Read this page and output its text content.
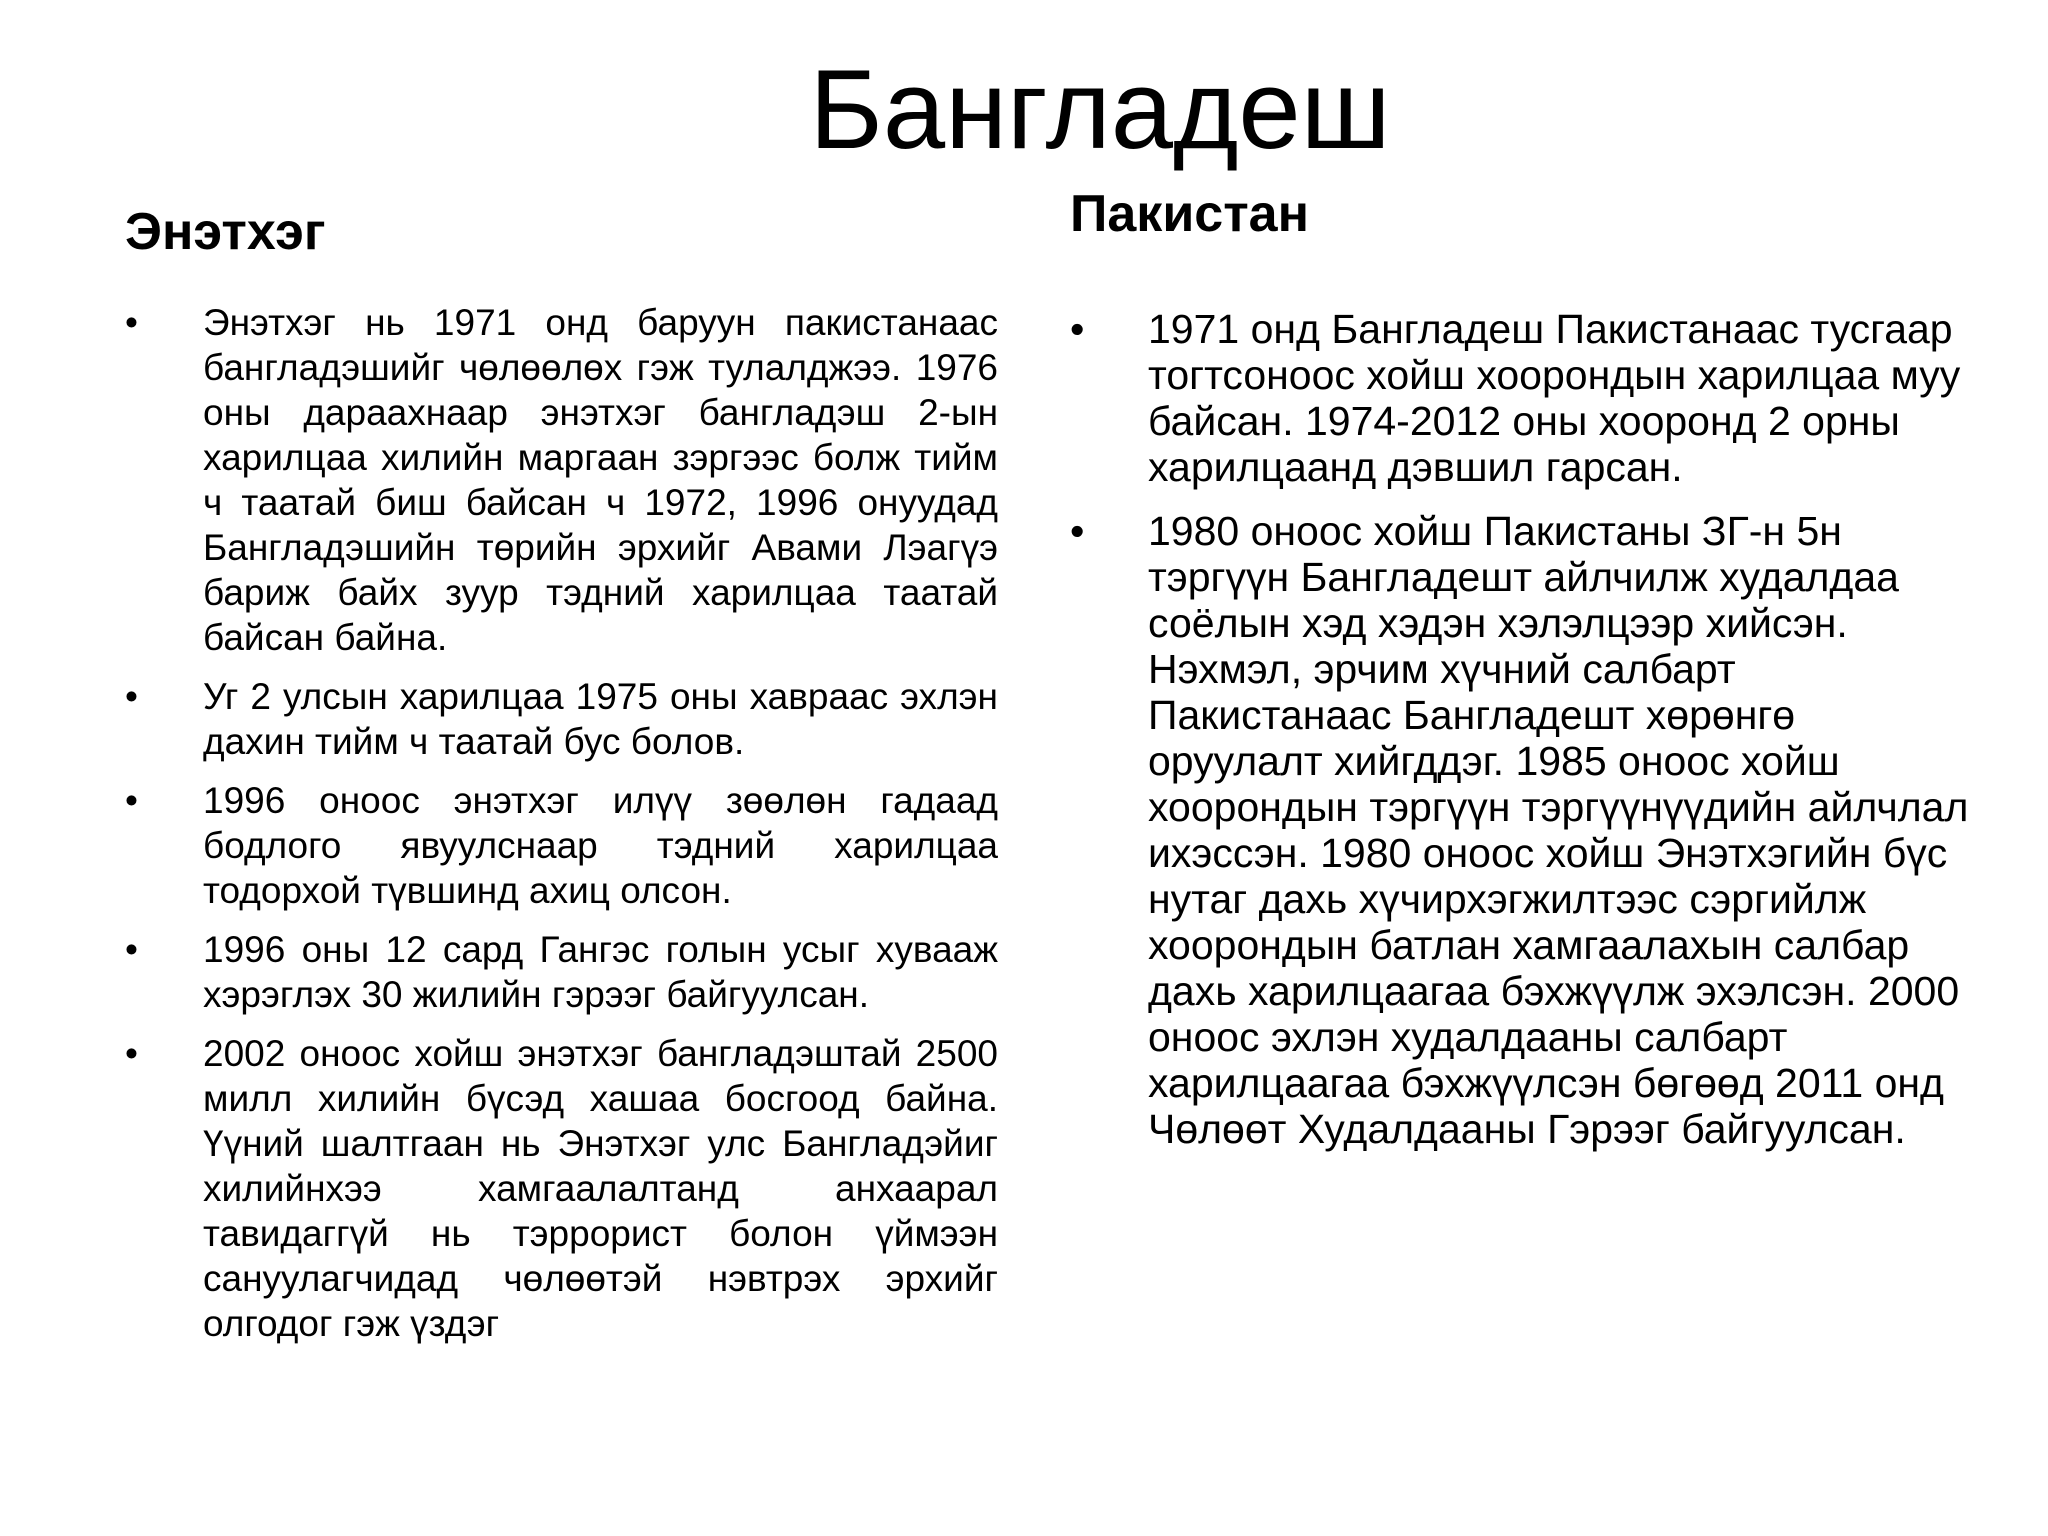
Бангладеш
Энэтхэг	Пакистан
•	Энэтхэг нь 1971 онд баруун пакистанаас бангладэшийг чөлөөлөх гэж тулалджээ. 1976 оны дараахнаар энэтхэг бангладэш 2-ын харилцаа хилийн маргаан зэргээс болж тийм ч таатай биш байсан ч 1972, 1996 онуудад Бангладэшийн төрийн эрхийг Авами Лэагүэ бариж байх зуур тэдний харилцаа таатай байсан байна.
•	Уг 2 улсын харилцаа 1975 оны хавраас эхлэн дахин тийм ч таатай бус болов.
•	1996 оноос энэтхэг илүү зөөлөн гадаад бодлого явуулснаар тэдний харилцаа тодорхой түвшинд ахиц олсон.
•	1996 оны 12 сард Гангэс голын усыг хувааж хэрэглэх 30 жилийн гэрээг байгуулсан.
•	2002 оноос хойш энэтхэг бангладэштай 2500 милл хилийн бүсэд хашаа босгоод байна. Үүний шалтгаан нь Энэтхэг улс Бангладэйиг хилийнхээ хамгаалалтанд анхаарал тавидаггүй нь тэррорист болон үймээн сануулагчидад чөлөөтэй нэвтрэх эрхийг олгодог гэж үздэг
•	1971 онд Бангладеш Пакистанаас тусгаар тогтсоноос хойш хоорондын харилцаа муу байсан. 1974-2012 оны хооронд 2 орны харилцаанд дэвшил гарсан.
•	1980 оноос хойш Пакистаны ЗГ-н 5н тэргүүн Бангладешт айлчилж худалдаа соёлын хэд хэдэн хэлэлцээр хийсэн. Нэхмэл, эрчим хүчний салбарт Пакистанаас Бангладешт хөрөнгө оруулалт хийгддэг. 1985 оноос хойш хоорондын тэргүүн тэргүүнүүдийн айлчлал ихэссэн. 1980 оноос хойш Энэтхэгийн бүс нутаг дахь хүчирхэгжилтээс сэргийлж хоорондын батлан хамгаалахын салбар дахь харилцаагаа бэхжүүлж эхэлсэн. 2000 оноос эхлэн худалдааны салбарт харилцаагаа бэхжүүлсэн бөгөөд 2011 онд Чөлөөт Худалдааны Гэрээг байгуулсан.
